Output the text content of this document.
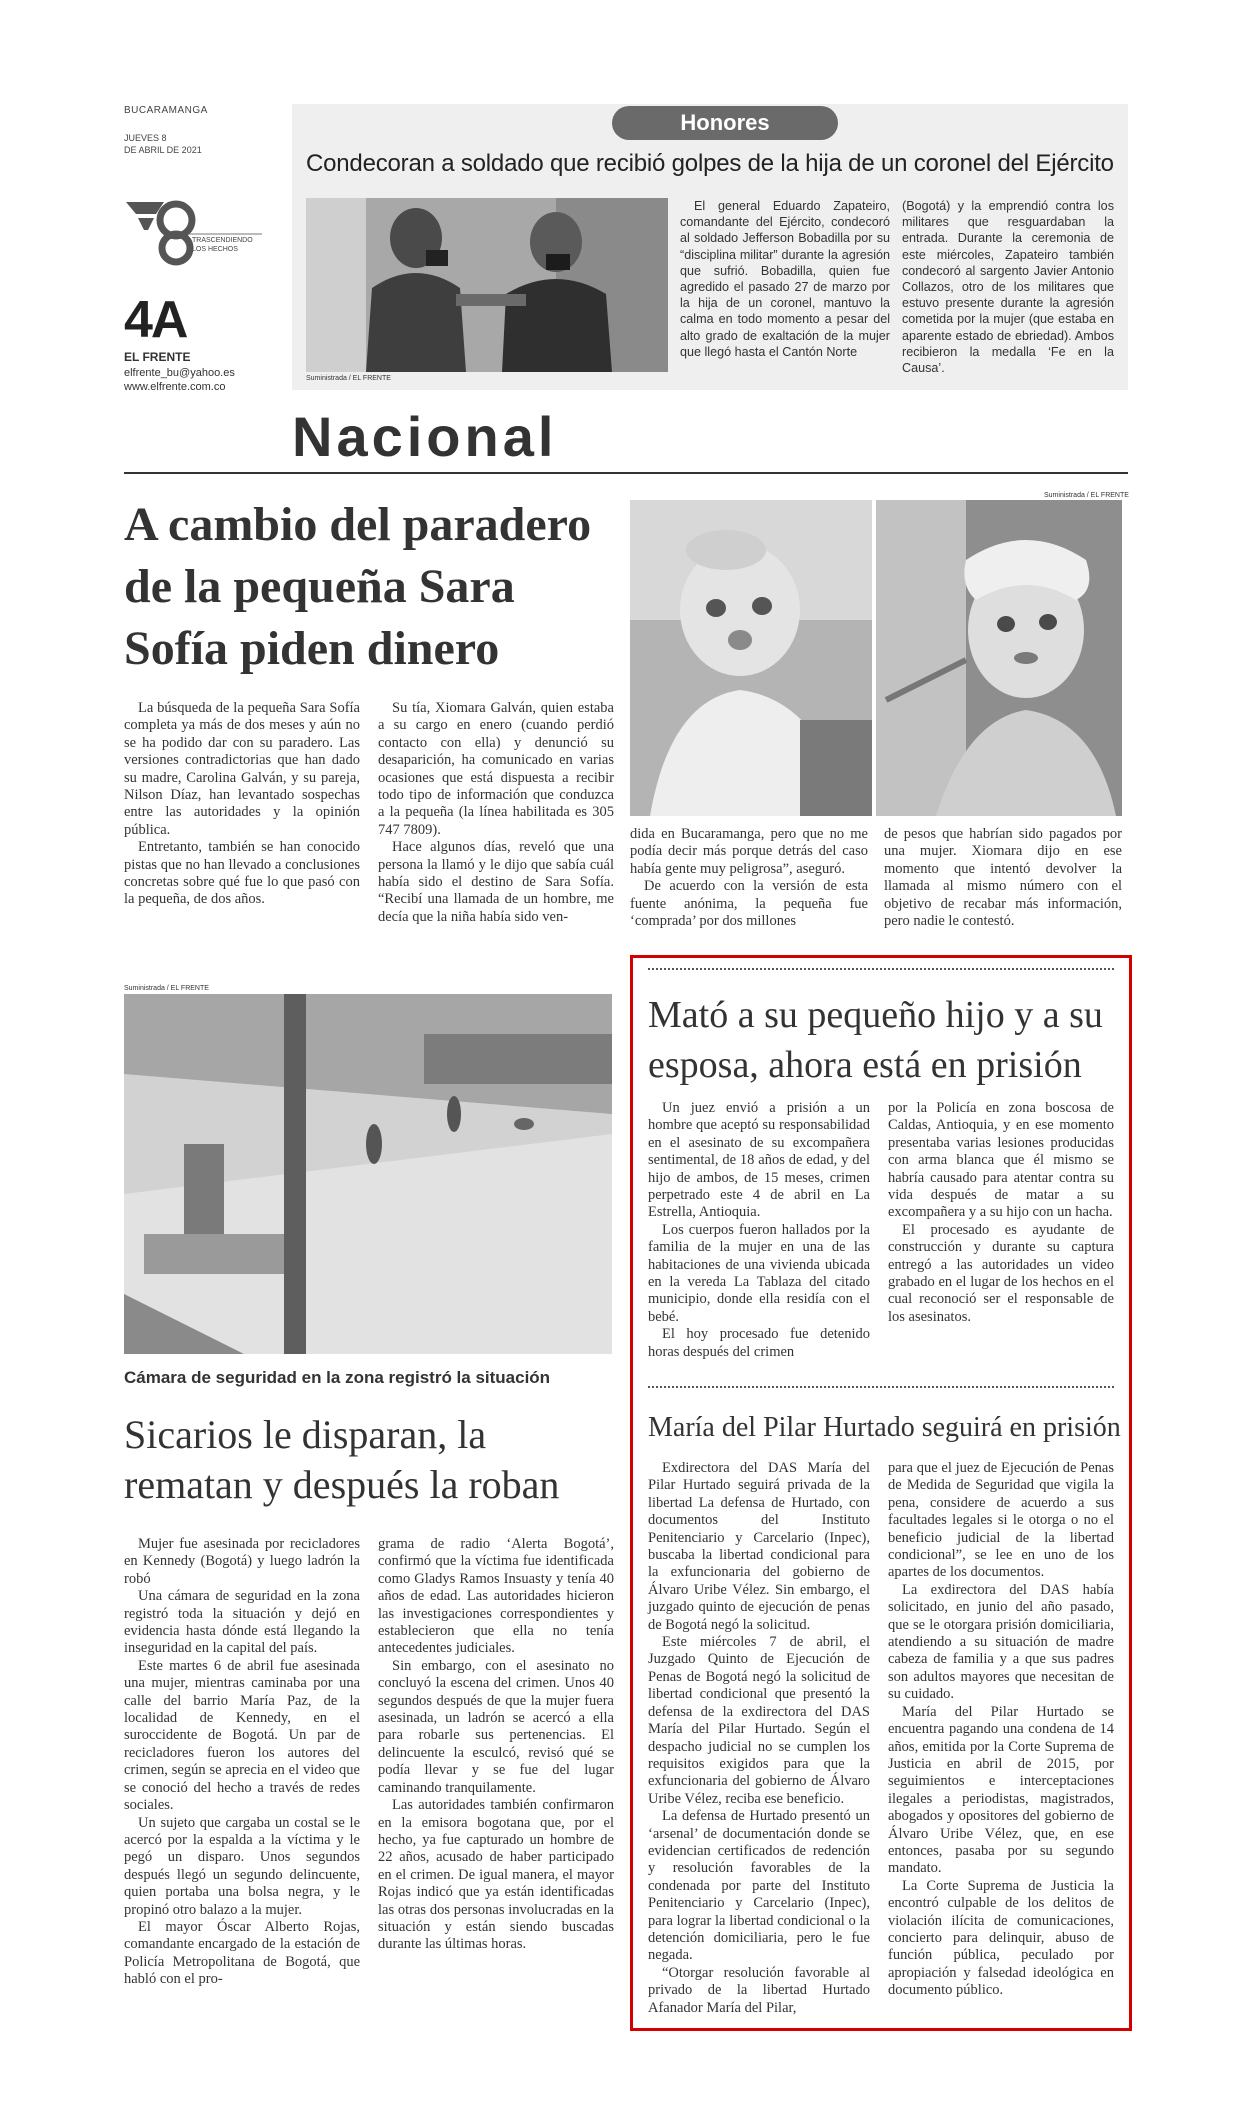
BUCARAMANGA
JUEVES 8
DE ABRIL DE 2021
TRASCENDIENDO
LOS HECHOS
4A
EL FRENTE
elfrente_bu@yahoo.es
www.elfrente.com.co
Honores
Condecoran a soldado que recibió golpes de la hija de un coronel del Ejército
Suministrada / EL FRENTE

El general Eduardo Zapateiro, comandante del Ejército, condecoró al soldado Jefferson Bobadilla por su “disciplina militar” durante la agresión que sufrió. Bobadilla, quien fue agredido el pasado 27 de marzo por la hija de un coronel, mantuvo la calma en todo momento a pesar del alto grado de exaltación de la mujer que llegó hasta el Cantón Norte

(Bogotá) y la emprendió contra los militares que resguardaban la entrada. Durante la ceremonia de este miércoles, Zapateiro también condecoró al sargento Javier Antonio Collazos, otro de los militares que estuvo presente durante la agresión cometida por la mujer (que estaba en aparente estado de ebriedad). Ambos recibieron la medalla ‘Fe en la Causa’.

Nacional
A cambio del paradero de la pequeña Sara Sofía piden dinero
Suministrada / EL FRENTE

La búsqueda de la pequeña Sara Sofía completa ya más de dos meses y aún no se ha podido dar con su paradero. Las versiones contradictorias que han dado su madre, Carolina Galván, y su pareja, Nilson Díaz, han levantado sospechas entre las autoridades y la opinión pública.

Entretanto, también se han conocido pistas que no han llevado a conclusiones concretas sobre qué fue lo que pasó con la pequeña, de dos años.

Su tía, Xiomara Galván, quien estaba a su cargo en enero (cuando perdió contacto con ella) y denunció su desaparición, ha comunicado en varias ocasiones que está dispuesta a recibir todo tipo de información que conduzca a la pequeña (la línea habilitada es 305 747 7809).

Hace algunos días, reveló que una persona la llamó y le dijo que sabía cuál había sido el destino de Sara Sofía. “Recibí una llamada de un hombre, me decía que la niña había sido ven-

dida en Bucaramanga, pero que no me podía decir más porque detrás del caso había gente muy peligrosa”, aseguró.

De acuerdo con la versión de esta fuente anónima, la pequeña fue ‘comprada’ por dos millones

de pesos que habrían sido pagados por una mujer. Xiomara dijo en ese momento que intentó devolver la llamada al mismo número con el objetivo de recabar más información, pero nadie le contestó.

Suministrada / EL FRENTE
Cámara de seguridad en la zona registró la situación
Sicarios le disparan, la rematan y después la roban

Mujer fue asesinada por recicladores en Kennedy (Bogotá) y luego ladrón la robó

Una cámara de seguridad en la zona registró toda la situación y dejó en evidencia hasta dónde está llegando la inseguridad en la capital del país.

Este martes 6 de abril fue asesinada una mujer, mientras caminaba por una calle del barrio María Paz, de la localidad de Kennedy, en el suroccidente de Bogotá. Un par de recicladores fueron los autores del crimen, según se aprecia en el video que se conoció del hecho a través de redes sociales.

Un sujeto que cargaba un costal se le acercó por la espalda a la víctima y le pegó un disparo. Unos segundos después llegó un segundo delincuente, quien portaba una bolsa negra, y le propinó otro balazo a la mujer.

El mayor Óscar Alberto Rojas, comandante encargado de la estación de Policía Metropolitana de Bogotá, que habló con el pro-

grama de radio ‘Alerta Bogotá’, confirmó que la víctima fue identificada como Gladys Ramos Insuasty y tenía 40 años de edad. Las autoridades hicieron las investigaciones correspondientes y establecieron que ella no tenía antecedentes judiciales.

Sin embargo, con el asesinato no concluyó la escena del crimen. Unos 40 segundos después de que la mujer fuera asesinada, un ladrón se acercó a ella para robarle sus pertenencias. El delincuente la esculcó, revisó qué se podía llevar y se fue del lugar caminando tranquilamente.

Las autoridades también confirmaron en la emisora bogotana que, por el hecho, ya fue capturado un hombre de 22 años, acusado de haber participado en el crimen. De igual manera, el mayor Rojas indicó que ya están identificadas las otras dos personas involucradas en la situación y están siendo buscadas durante las últimas horas.

Mató a su pequeño hijo y a su esposa, ahora está en prisión

Un juez envió a prisión a un hombre que aceptó su responsabilidad en el asesinato de su excompañera sentimental, de 18 años de edad, y del hijo de ambos, de 15 meses, crimen perpetrado este 4 de abril en La Estrella, Antioquia.

Los cuerpos fueron hallados por la familia de la mujer en una de las habitaciones de una vivienda ubicada en la vereda La Tablaza del citado municipio, donde ella residía con el bebé.

El hoy procesado fue detenido horas después del crimen

por la Policía en zona boscosa de Caldas, Antioquia, y en ese momento presentaba varias lesiones producidas con arma blanca que él mismo se habría causado para atentar contra su vida después de matar a su excompañera y a su hijo con un hacha.

El procesado es ayudante de construcción y durante su captura entregó a las autoridades un video grabado en el lugar de los hechos en el cual reconoció ser el responsable de los asesinatos.

María del Pilar Hurtado seguirá en prisión

Exdirectora del DAS María del Pilar Hurtado seguirá privada de la libertad La defensa de Hurtado, con documentos del Instituto Penitenciario y Carcelario (Inpec), buscaba la libertad condicional para la exfuncionaria del gobierno de Álvaro Uribe Vélez. Sin embargo, el juzgado quinto de ejecución de penas de Bogotá negó la solicitud.

Este miércoles 7 de abril, el Juzgado Quinto de Ejecución de Penas de Bogotá negó la solicitud de libertad condicional que presentó la defensa de la exdirectora del DAS María del Pilar Hurtado. Según el despacho judicial no se cumplen los requisitos exigidos para que la exfuncionaria del gobierno de Álvaro Uribe Vélez, reciba ese beneficio.

La defensa de Hurtado presentó un ‘arsenal’ de documentación donde se evidencian certificados de redención y resolución favorables de la condenada por parte del Instituto Penitenciario y Carcelario (Inpec), para lograr la libertad condicional o la detención domiciliaria, pero le fue negada.

“Otorgar resolución favorable al privado de la libertad Hurtado Afanador María del Pilar,

para que el juez de Ejecución de Penas de Medida de Seguridad que vigila la pena, considere de acuerdo a sus facultades legales si le otorga o no el beneficio judicial de la libertad condicional”, se lee en uno de los apartes de los documentos.

La exdirectora del DAS había solicitado, en junio del año pasado, que se le otorgara prisión domiciliaria, atendiendo a su situación de madre cabeza de familia y a que sus padres son adultos mayores que necesitan de su cuidado.

María del Pilar Hurtado se encuentra pagando una condena de 14 años, emitida por la Corte Suprema de Justicia en abril de 2015, por seguimientos e interceptaciones ilegales a periodistas, magistrados, abogados y opositores del gobierno de Álvaro Uribe Vélez, que, en ese entonces, pasaba por su segundo mandato.

La Corte Suprema de Justicia la encontró culpable de los delitos de violación ilícita de comunicaciones, concierto para delinquir, abuso de función pública, peculado por apropiación y falsedad ideológica en documento público.
